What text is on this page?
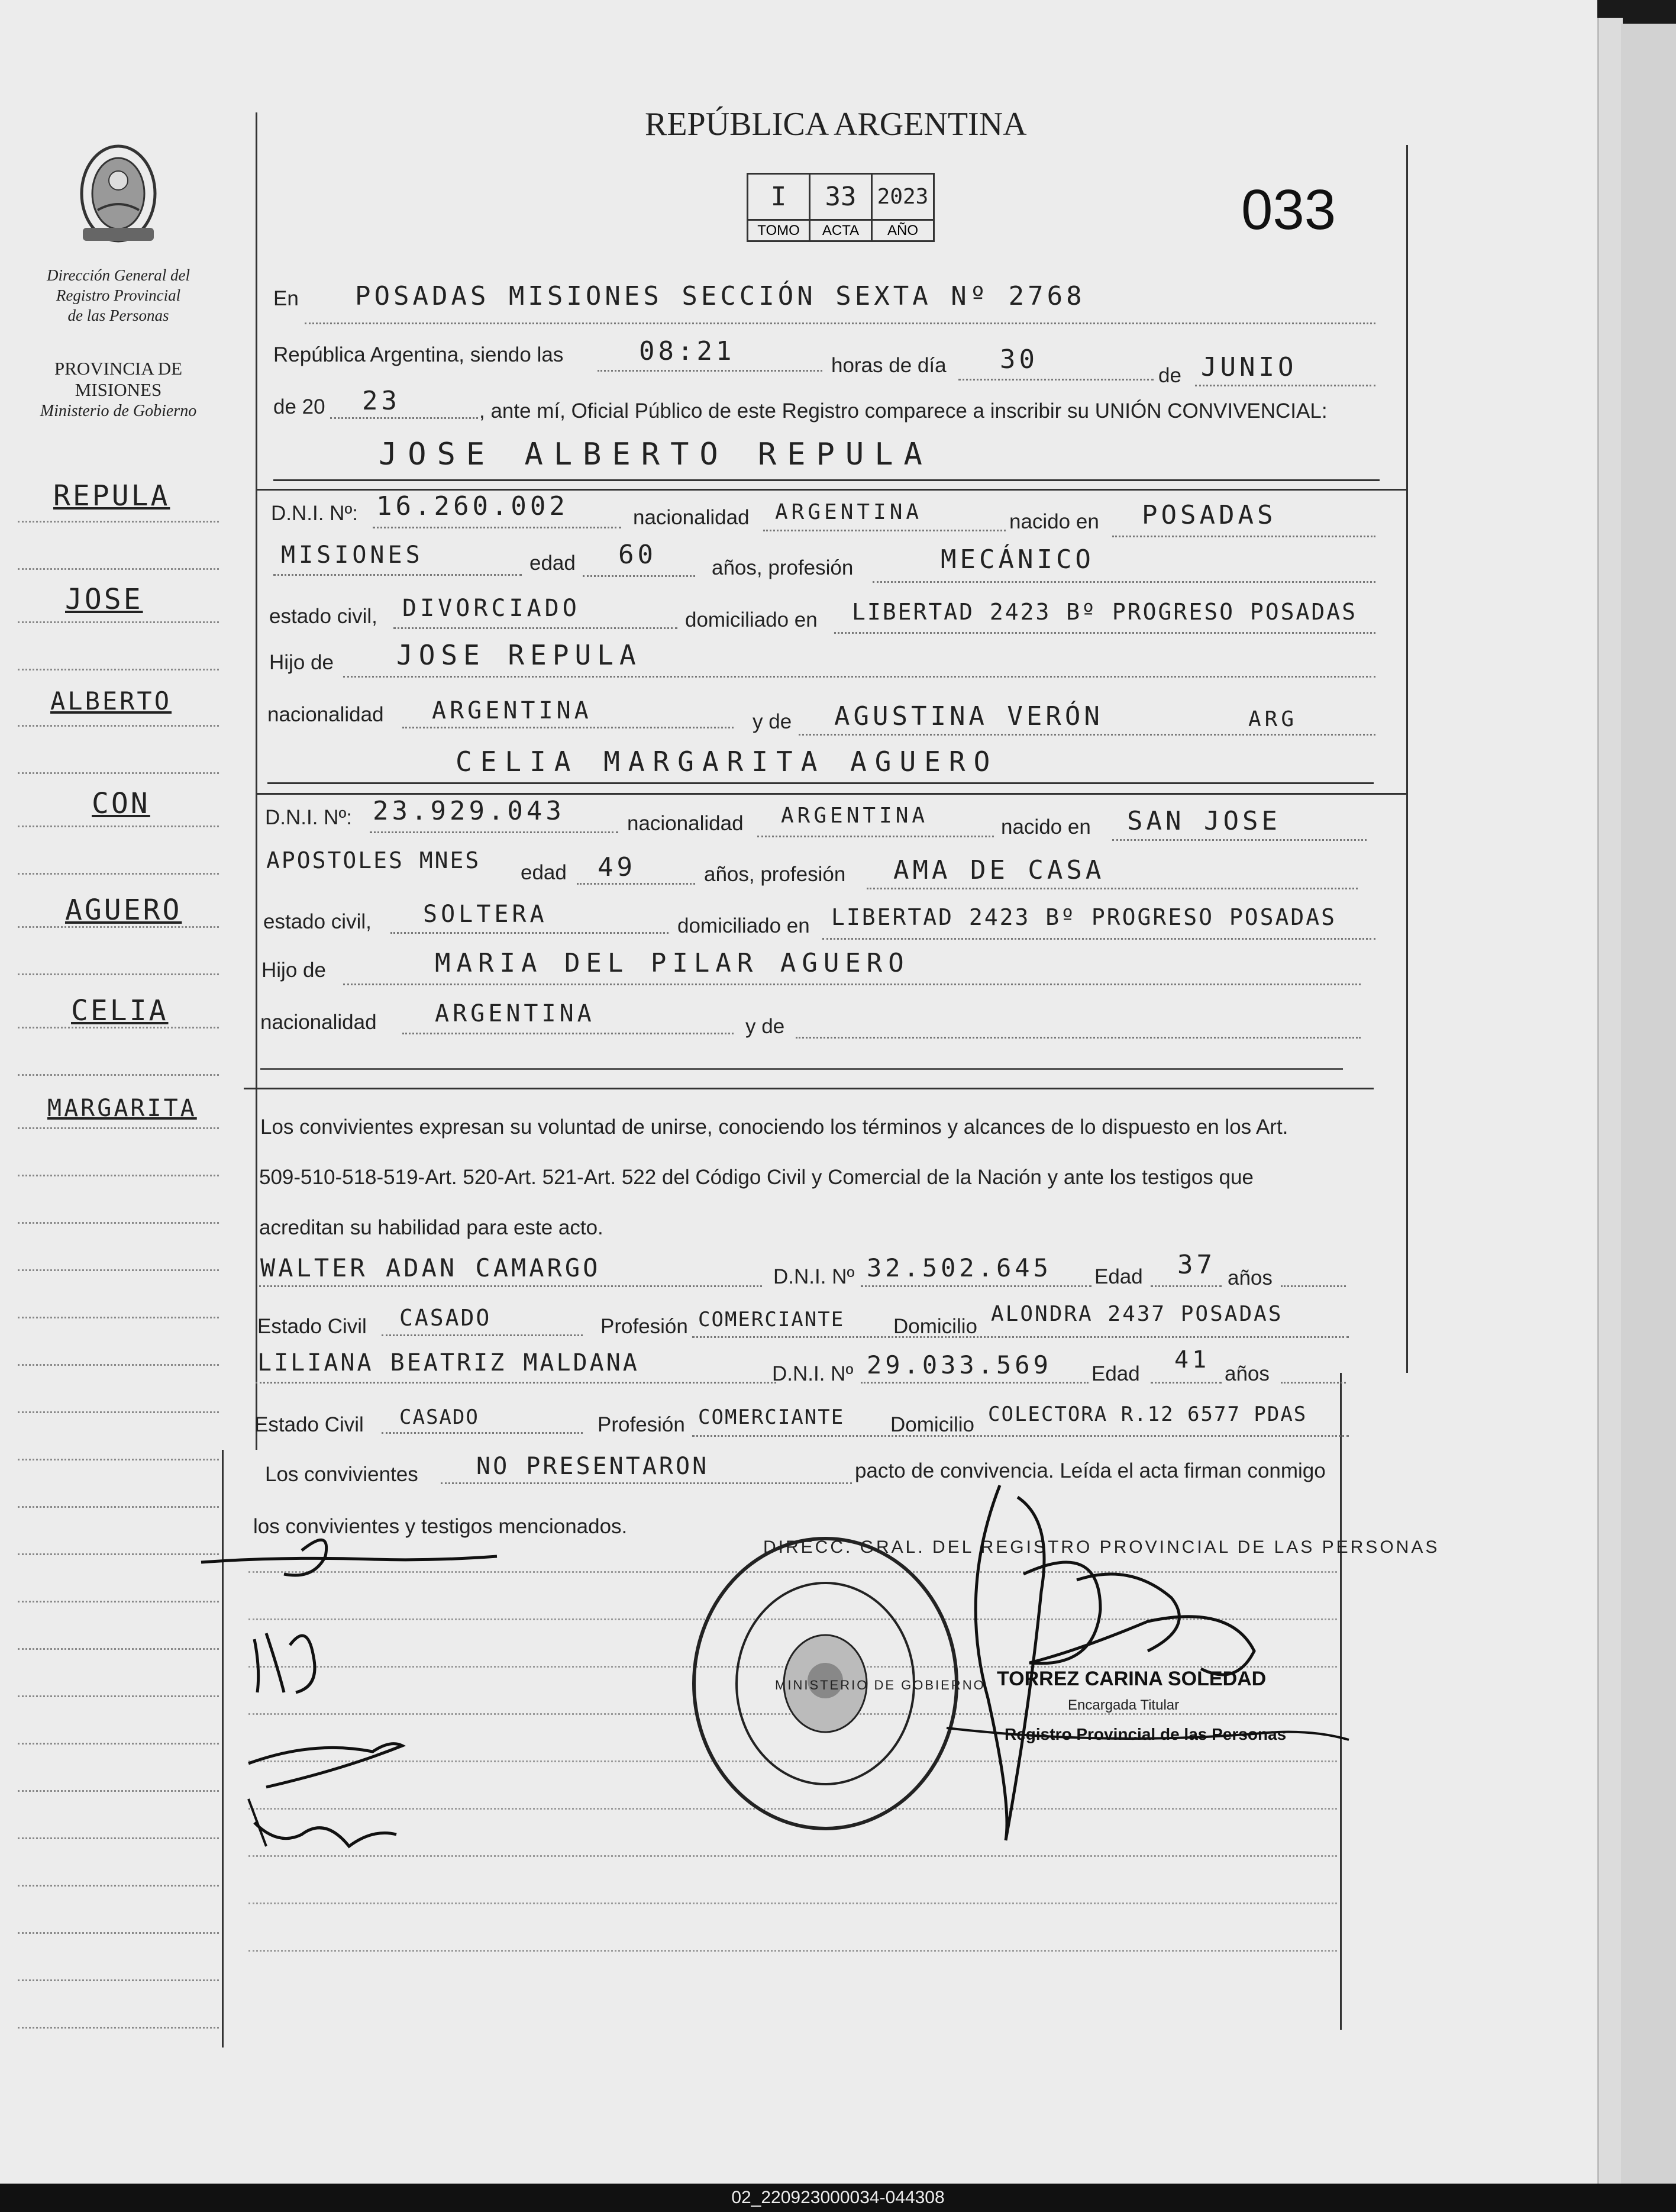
REPÚBLICA ARGENTINA
I	33	2023
TOMO	ACTA	AÑO	033
Dirección General del
Registro Provincial
de las Personas
PROVINCIA DE
MISIONES
Ministerio de Gobierno
REPULA
JOSE
ALBERTO
CON
AGUERO
CELIA
MARGARITA
En POSADAS MISIONES SECCIÓN SEXTA Nº 2768
República Argentina, siendo las	08:21	horas de día 30
de JUNIO
de 20 23	, ante mí, Oficial Público de este Registro comparece a inscribir su UNIÓN CONVIVENCIAL:
JOSE ALBERTO REPULA
D.N.I. Nº: 16.260.002	nacionalidad ARGENTINA	nacido en POSADAS
MISIONES	edad 60	años, profesión	MECÁNICO
estado civil, DIVORCIADO	domiciliado en LIBERTAD 2423 Bº PROGRESO POSADAS
Hijo de JOSE REPULA
nacionalidad ARGENTINA	y de AGUSTINA VERÓN	ARG
CELIA MARGARITA AGUERO
D.N.I. Nº: 23.929.043	nacionalidad ARGENTINA	nacido en SAN JOSE
APOSTOLES MNES edad 49	años, profesión AMA DE CASA
estado civil, SOLTERA	domiciliado en LIBERTAD 2423 Bº PROGRESO POSADAS
Hijo de	MARIA DEL PILAR AGUERO
nacionalidad ARGENTINA	y de
Los convivientes expresan su voluntad de unirse, conociendo los términos y alcances de lo dispuesto en los Art.
509-510-518-519-Art. 520-Art. 521-Art. 522 del Código Civil y Comercial de la Nación y ante los testigos que
acreditan su habilidad para este acto.
WALTER ADAN CAMARGO	D.N.I. Nº 32.502.645 Edad 37 años
Estado Civil CASADO	Profesión COMERCIANTE Domicilio
ALONDRA 2437 POSADAS
LILIANA BEATRIZ MALDANA	D.N.I. Nº 29.033.569 Edad
41
años
Estado Civil CASADO	Profesión COMERCIANTE Domicilio COLECTORA R.12 6577 PDAS
Los convivientes NO PRESENTARON	pacto de convivencia. Leída el acta firman conmigo
los convivientes y testigos mencionados.
DIRECC. GRAL. DEL REGISTRO PROVINCIAL DE LAS PERSONAS
MINISTERIO DE GOBIERNO TORREZ CARINA SOLEDAD
Encargada Titular
Registro Provincial de las Personas
02_220923000034-044308
